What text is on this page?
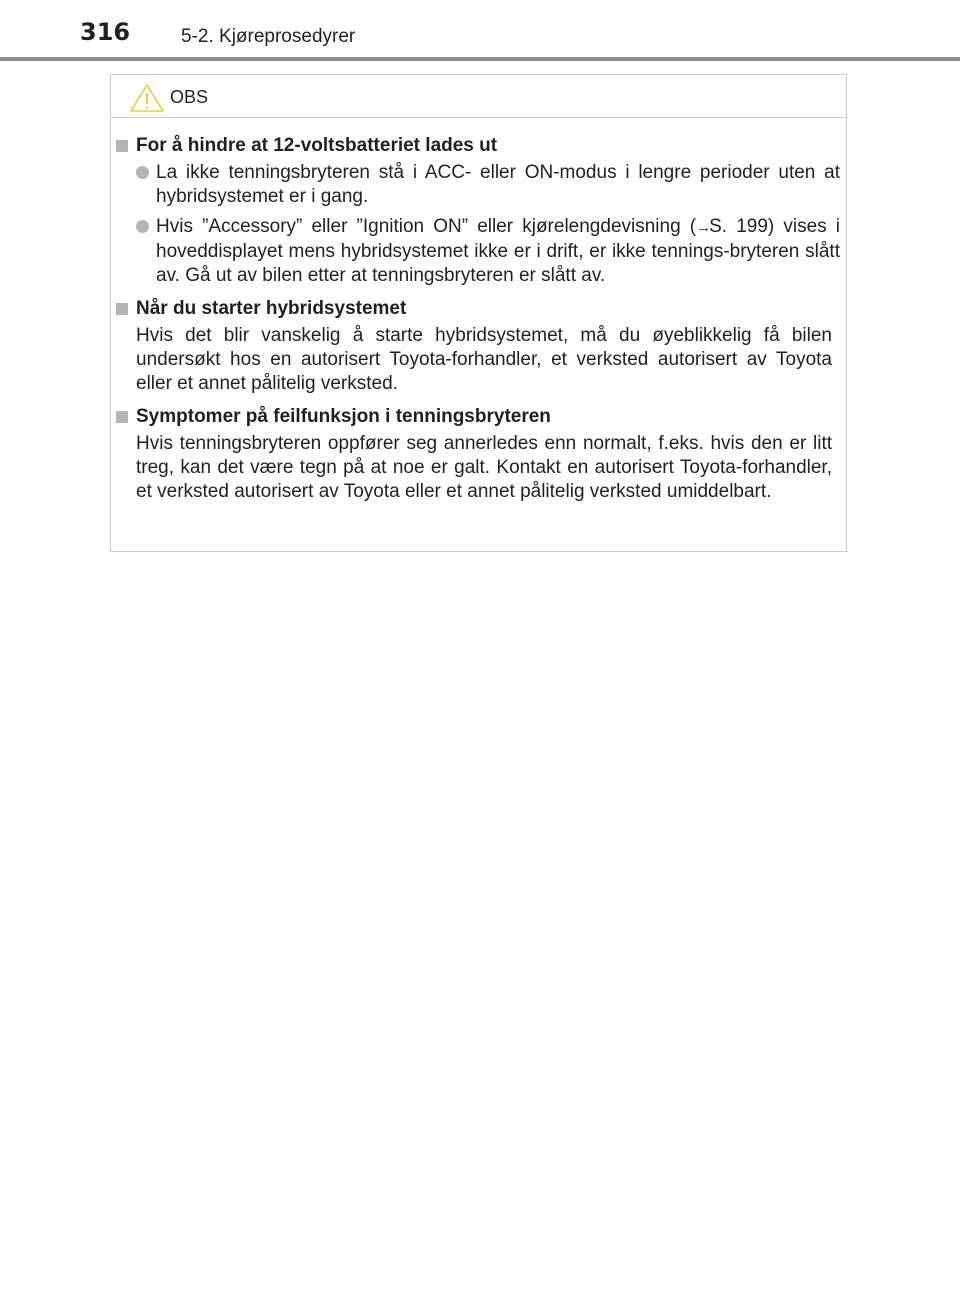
316	5-2. Kjøreprosedyrer
OBS
For å hindre at 12-voltsbatteriet lades ut
La ikke tenningsbryteren stå i ACC- eller ON-modus i lengre perioder uten at hybridsystemet er i gang.
Hvis ”Accessory” eller ”Ignition ON” eller kjørelengdevisning (→S. 199) vises i hoveddisplayet mens hybridsystemet ikke er i drift, er ikke tennings-bryteren slått av. Gå ut av bilen etter at tenningsbryteren er slått av.
Når du starter hybridsystemet
Hvis det blir vanskelig å starte hybridsystemet, må du øyeblikkelig få bilen undersøkt hos en autorisert Toyota-forhandler, et verksted autorisert av Toyota eller et annet pålitelig verksted.
Symptomer på feilfunksjon i tenningsbryteren
Hvis tenningsbryteren oppfører seg annerledes enn normalt, f.eks. hvis den er litt treg, kan det være tegn på at noe er galt. Kontakt en autorisert Toyota-forhandler, et verksted autorisert av Toyota eller et annet pålitelig verksted umiddelbart.
